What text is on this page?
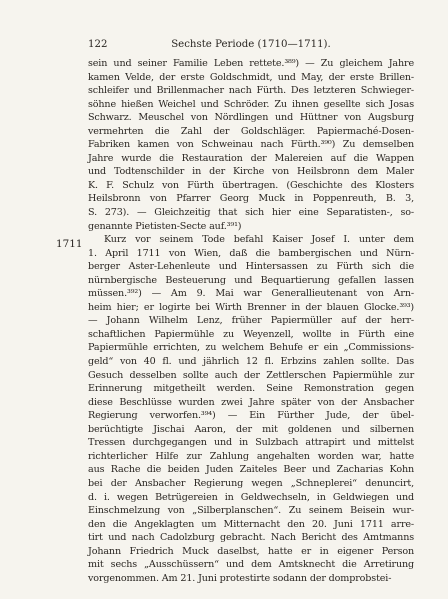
122	Sechste Periode (1710—1711).
1711
sein und seiner Familie Leben rettete.³⁸⁹) — Zu gleichem Jahre
kamen Velde, der erste Goldschmidt, und May, der erste Brillen-
schleifer und Brillenmacher nach Fürth. Des letzteren Schwieger-
söhne hießen Weichel und Schröder. Zu ihnen gesellte sich Josas
Schwarz. Meuschel von Nördlingen und Hüttner von Augsburg
vermehrten die Zahl der Goldschläger. Papiermaché-Dosen-
Fabriken kamen von Schweinau nach Fürth.³⁹⁰) Zu demselben
Jahre wurde die Restauration der Malereien auf die Wappen
und Todtenschilder in der Kirche von Heilsbronn dem Maler
K. F. Schulz von Fürth übertragen. (Geschichte des Klosters
Heilsbronn von Pfarrer Georg Muck in Poppenreuth, B. 3,
S. 273). — Gleichzeitig that sich hier eine Separatisten-, so-
genannte Pietisten-Secte auf.³⁹¹)
Kurz vor seinem Tode befahl Kaiser Josef I. unter dem
1. April 1711 von Wien, daß die bambergischen und Nürn-
berger Aster-Lehenleute und Hintersassen zu Fürth sich die
nürnbergische Besteuerung und Bequartierung gefallen lassen
müssen.³⁹²) — Am 9. Mai war Generallieutenant von Arn-
heim hier; er logirte bei Wirth Brenner in der blauen Glocke.³⁹³)
— Johann Wilhelm Lenz, früher Papiermüller auf der herr-
schaftlichen Papiermühle zu Weyenzell, wollte in Fürth eine
Papiermühle errichten, zu welchem Behufe er ein „Commissions-
geld“ von 40 fl. und jährlich 12 fl. Erbzins zahlen sollte. Das
Gesuch desselben sollte auch der Zettlerschen Papiermühle zur
Erinnerung mitgetheilt werden. Seine Remonstration gegen
diese Beschlüsse wurden zwei Jahre später von der Ansbacher
Regierung verworfen.³⁹⁴) — Ein Fürther Jude, der übel-
berüchtigte Jischai Aaron, der mit goldenen und silbernen
Tressen durchgegangen und in Sulzbach attrapirt und mittelst
richterlicher Hilfe zur Zahlung angehalten worden war, hatte
aus Rache die beiden Juden Zaiteles Beer und Zacharias Kohn
bei der Ansbacher Regierung wegen „Schneplerei“ denuncirt,
d. i. wegen Betrügereien in Geldwechseln, in Geldwiegen und
Einschmelzung von „Silberplanschen“. Zu seinem Beisein wur-
den die Angeklagten um Mitternacht den 20. Juni 1711 arre-
tirt und nach Cadolzburg gebracht. Nach Bericht des Amtmanns
Johann Friedrich Muck daselbst, hatte er in eigener Person
mit sechs „Ausschüssern“ und dem Amtsknecht die Arretirung
vorgenommen. Am 21. Juni protestirte sodann der domprobstei-
